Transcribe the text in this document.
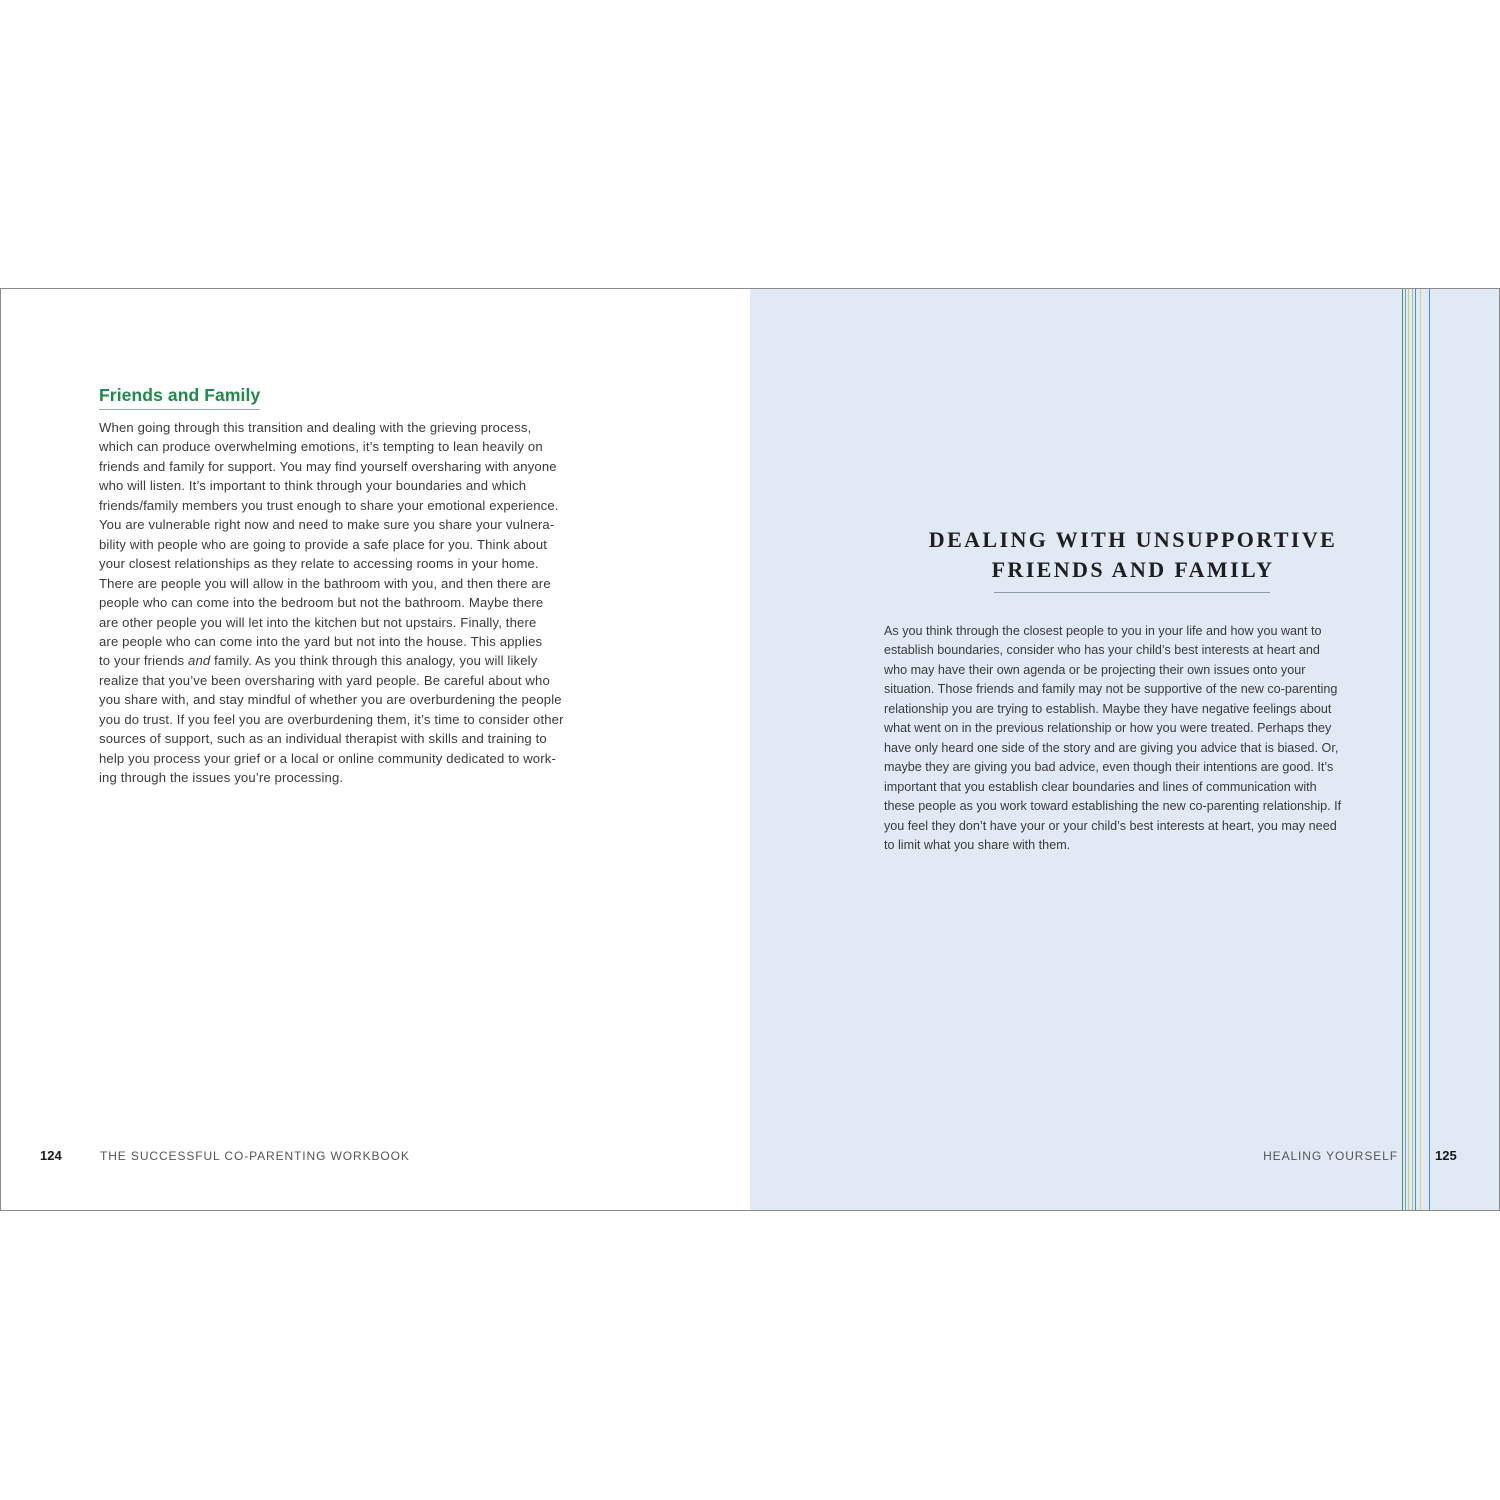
Friends and Family

When going through this transition and dealing with the grieving process,
which can produce overwhelming emotions, it’s tempting to lean heavily on
friends and family for support. You may find yourself oversharing with anyone
who will listen. It’s important to think through your boundaries and which
friends/family members you trust enough to share your emotional experience.
You are vulnerable right now and need to make sure you share your vulnera-
bility with people who are going to provide a safe place for you. Think about
your closest relationships as they relate to accessing rooms in your home.
There are people you will allow in the bathroom with you, and then there are
people who can come into the bedroom but not the bathroom. Maybe there
are other people you will let into the kitchen but not upstairs. Finally, there
are people who can come into the yard but not into the house. This applies
to your friends and family. As you think through this analogy, you will likely
realize that you’ve been oversharing with yard people. Be careful about who
you share with, and stay mindful of whether you are overburdening the people
you do trust. If you feel you are overburdening them, it’s time to consider other
sources of support, such as an individual therapist with skills and training to
help you process your grief or a local or online community dedicated to work-
ing through the issues you’re processing.

124	THE SUCCESSFUL CO-PARENTING WORKBOOK
DEALING WITH UNSUPPORTIVE
FRIENDS AND FAMILY

As you think through the closest people to you in your life and how you want to
establish boundaries, consider who has your child’s best interests at heart and
who may have their own agenda or be projecting their own issues onto your
situation. Those friends and family may not be supportive of the new co-parenting
relationship you are trying to establish. Maybe they have negative feelings about
what went on in the previous relationship or how you were treated. Perhaps they
have only heard one side of the story and are giving you advice that is biased. Or,
maybe they are giving you bad advice, even though their intentions are good. It’s
important that you establish clear boundaries and lines of communication with
these people as you work toward establishing the new co-parenting relationship. If
you feel they don’t have your or your child’s best interests at heart, you may need
to limit what you share with them.

HEALING YOURSELF	125
